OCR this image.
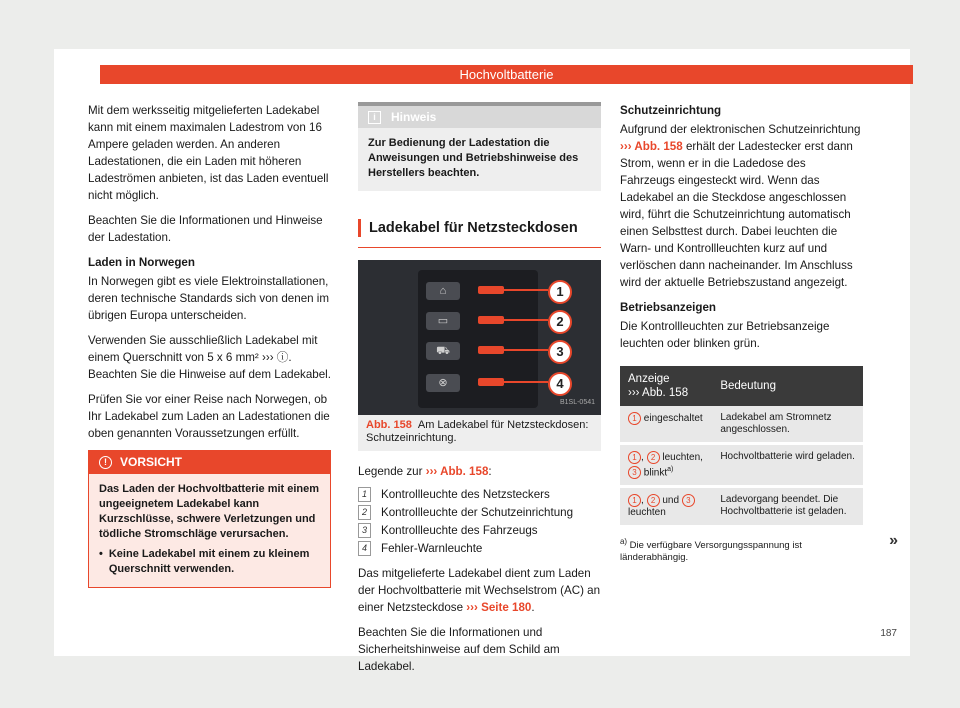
Hochvoltbatterie

Mit dem werksseitig mitgelieferten Ladekabel kann mit einem maximalen Ladestrom von 16 Ampere geladen werden. An anderen Ladestationen, die ein Laden mit höheren Ladeströmen anbieten, ist das Laden eventuell nicht möglich.

Beachten Sie die Informationen und Hinweise der Ladestation.

Laden in Norwegen

In Norwegen gibt es viele Elektroinstallationen, deren technische Standards sich von denen im übrigen Europa unterscheiden.

Verwenden Sie ausschließlich Ladekabel mit einem Querschnitt von 5 x 6 mm² ››› ⓘ. Beachten Sie die Hinweise auf dem Ladekabel.

Prüfen Sie vor einer Reise nach Norwegen, ob Ihr Ladekabel zum Laden an Ladestationen die oben genannten Voraussetzungen erfüllt.

!	VORSICHT
Das Laden der Hochvoltbatterie mit einem ungeeignetem Ladekabel kann Kurzschlüsse, schwere Verletzungen und tödliche Stromschläge verursachen.
• Keine Ladekabel mit einem zu kleinem Querschnitt verwenden.
i	Hinweis
Zur Bedienung der Ladestation die Anweisungen und Betriebshinweise des Herstellers beachten.
Ladekabel für Netzsteckdosen
⌂	1
▭	2
⛟	3
⊗	4
B1SL-0541
Abb. 158 Am Ladekabel für Netzsteckdosen: Schutzeinrichtung.

Legende zur ››› Abb. 158:

1	Kontrollleuchte des Netzsteckers
2	Kontrollleuchte der Schutzeinrichtung
3	Kontrollleuchte des Fahrzeugs
4	Fehler-Warnleuchte

Das mitgelieferte Ladekabel dient zum Laden der Hochvoltbatterie mit Wechselstrom (AC) an einer Netzsteckdose ››› Seite 180.

Beachten Sie die Informationen und Sicherheitshinweise auf dem Schild am Ladekabel.

Schutzeinrichtung

Aufgrund der elektronischen Schutzeinrichtung ››› Abb. 158 erhält der Ladestecker erst dann Strom, wenn er in die Ladedose des Fahrzeugs eingesteckt wird. Wenn das Ladekabel an die Steckdose angeschlossen wird, führt die Schutzeinrichtung automatisch einen Selbsttest durch. Dabei leuchten die Warn- und Kontrollleuchten kurz auf und verlöschen dann nacheinander. Im Anschluss wird der aktuelle Betriebszustand angezeigt.

Betriebsanzeigen

Die Kontrollleuchten zur Betriebsanzeige leuchten oder blinken grün.

Anzeige
››› Abb. 158	Bedeutung
1 eingeschaltet	Ladekabel am Stromnetz angeschlossen.
1 , 2 leuchten, 3 blinkt$^{a)}$	Hochvoltbatterie wird geladen.
1 , 2 und 3 leuchten	Ladevorgang beendet. Die Hochvoltbatterie ist geladen.
$^{a)}$ Die verfügbare Versorgungsspannung ist länderabhängig.
»
187
